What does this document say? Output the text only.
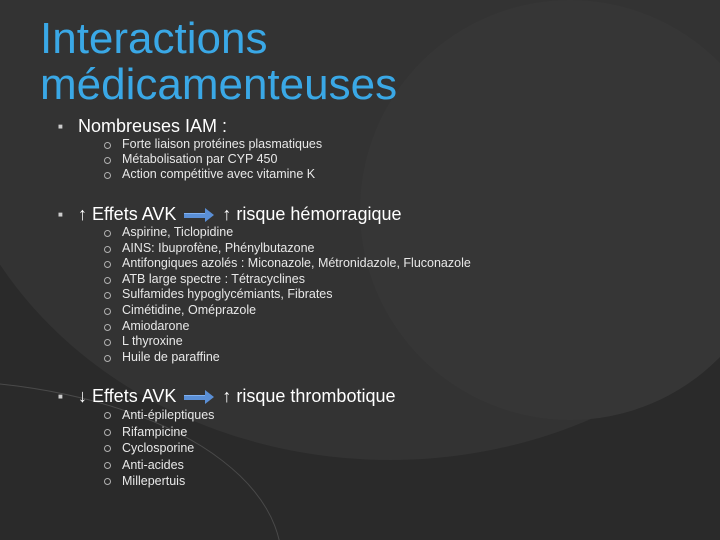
Interactions
médicamenteuses
■ Nombreuses IAM :
Forte liaison protéines plasmatiques
Métabolisation par CYP 450
Action compétitive avec vitamine K
■ ↑ Effets AVK	↑ risque hémorragique
Aspirine, Ticlopidine
AINS: Ibuprofène, Phénylbutazone
Antifongiques azolés : Miconazole, Métronidazole, Fluconazole
ATB large spectre : Tétracyclines
Sulfamides hypoglycémiants, Fibrates
Cimétidine, Oméprazole
Amiodarone
L thyroxine
Huile de paraffine
■ ↓ Effets AVK	↑ risque thrombotique
Anti-épileptiques
Rifampicine
Cyclosporine
Anti-acides
Millepertuis
